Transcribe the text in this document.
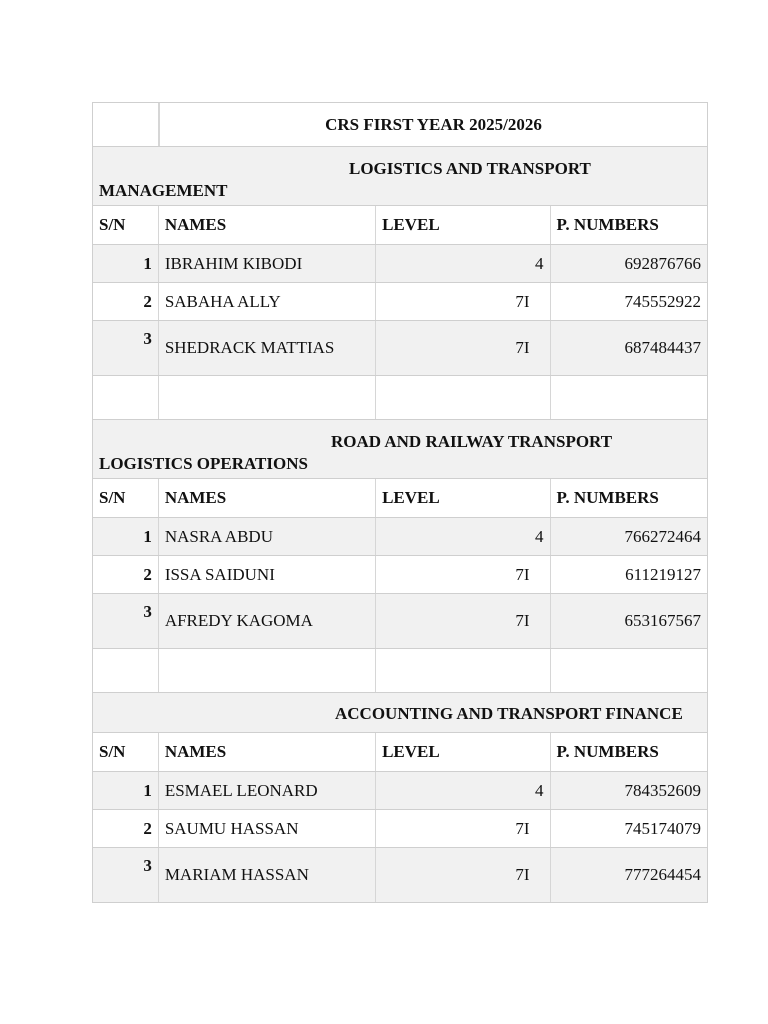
CRS FIRST YEAR 2025/2026
LOGISTICS AND TRANSPORT
MANAGEMENT
S/N	NAMES	LEVEL	P. NUMBERS
1 IBRAHIM KIBODI	4	692876766
2 SABAHA ALLY	7I	745552922
3 SHEDRACK MATTIAS	7I	687484437
ROAD AND RAILWAY TRANSPORT
LOGISTICS OPERATIONS
S/N	NAMES	LEVEL	P. NUMBERS
1 NASRA ABDU	4	766272464
2 ISSA SAIDUNI	7I	611219127
3 AFREDY KAGOMA	7I	653167567
ACCOUNTING AND TRANSPORT FINANCE
S/N	NAMES	LEVEL	P. NUMBERS
1 ESMAEL LEONARD	4	784352609
2 SAUMU HASSAN	7I	745174079
3 MARIAM HASSAN	7I	777264454
